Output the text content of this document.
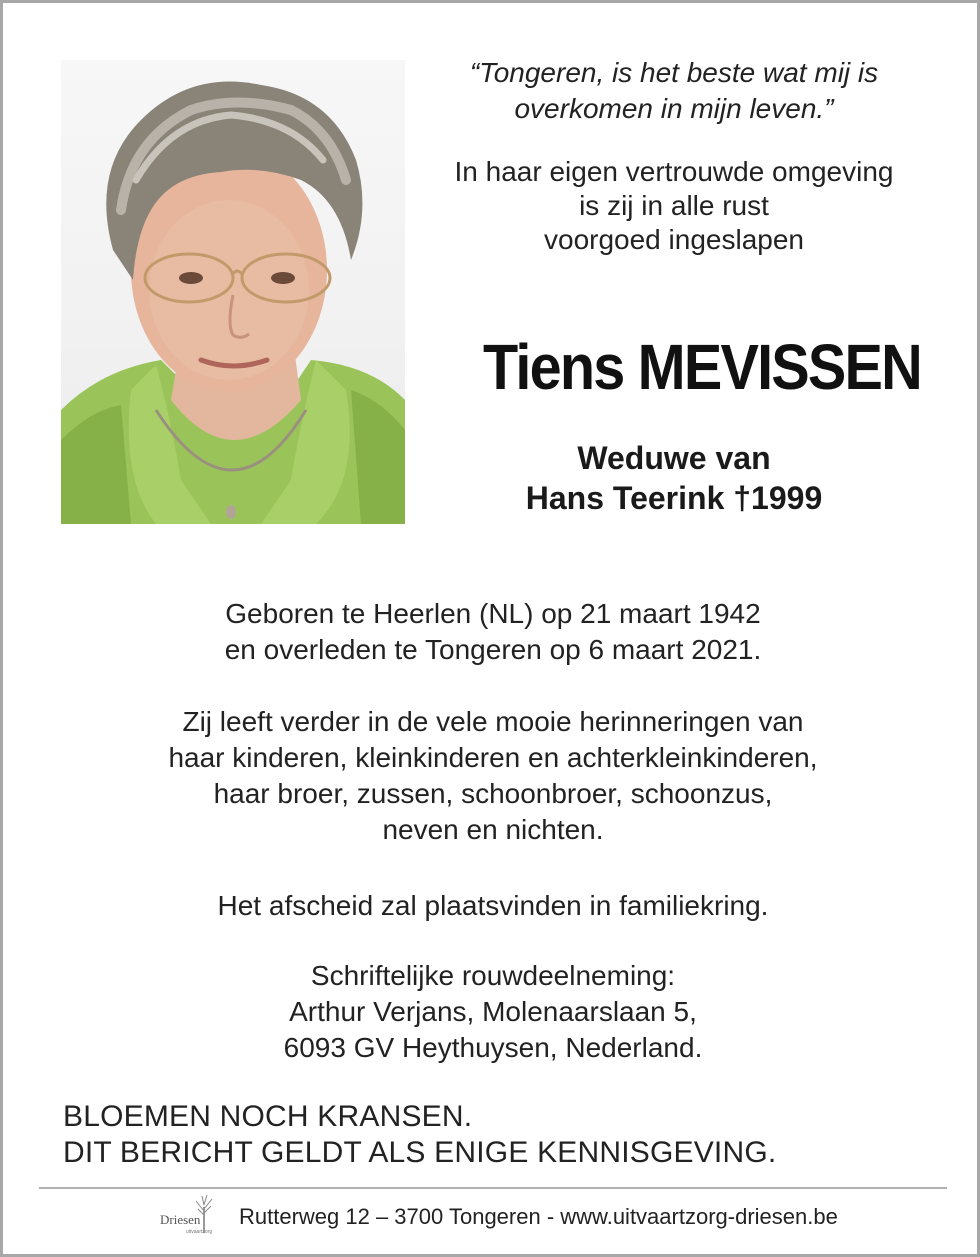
“Tongeren, is het beste wat mij is
overkomen in mijn leven.”
In haar eigen vertrouwde omgeving
is zij in alle rust
voorgoed ingeslapen
Tiens MEVISSEN
Weduwe van
Hans Teerink †1999
Geboren te Heerlen (NL) op 21 maart 1942
en overleden te Tongeren op 6 maart 2021.
Zij leeft verder in de vele mooie herinneringen van
haar kinderen, kleinkinderen en achterkleinkinderen,
haar broer, zussen, schoonbroer, schoonzus,
neven en nichten.
Het afscheid zal plaatsvinden in familiekring.
Schriftelijke rouwdeelneming:
Arthur Verjans, Molenaarslaan 5,
6093 GV Heythuysen, Nederland.
BLOEMEN NOCH KRANSEN.
DIT BERICHT GELDT ALS ENIGE KENNISGEVING.
Driesen
uitvaartzorg
Rutterweg 12 – 3700 Tongeren - www.uitvaartzorg-driesen.be
